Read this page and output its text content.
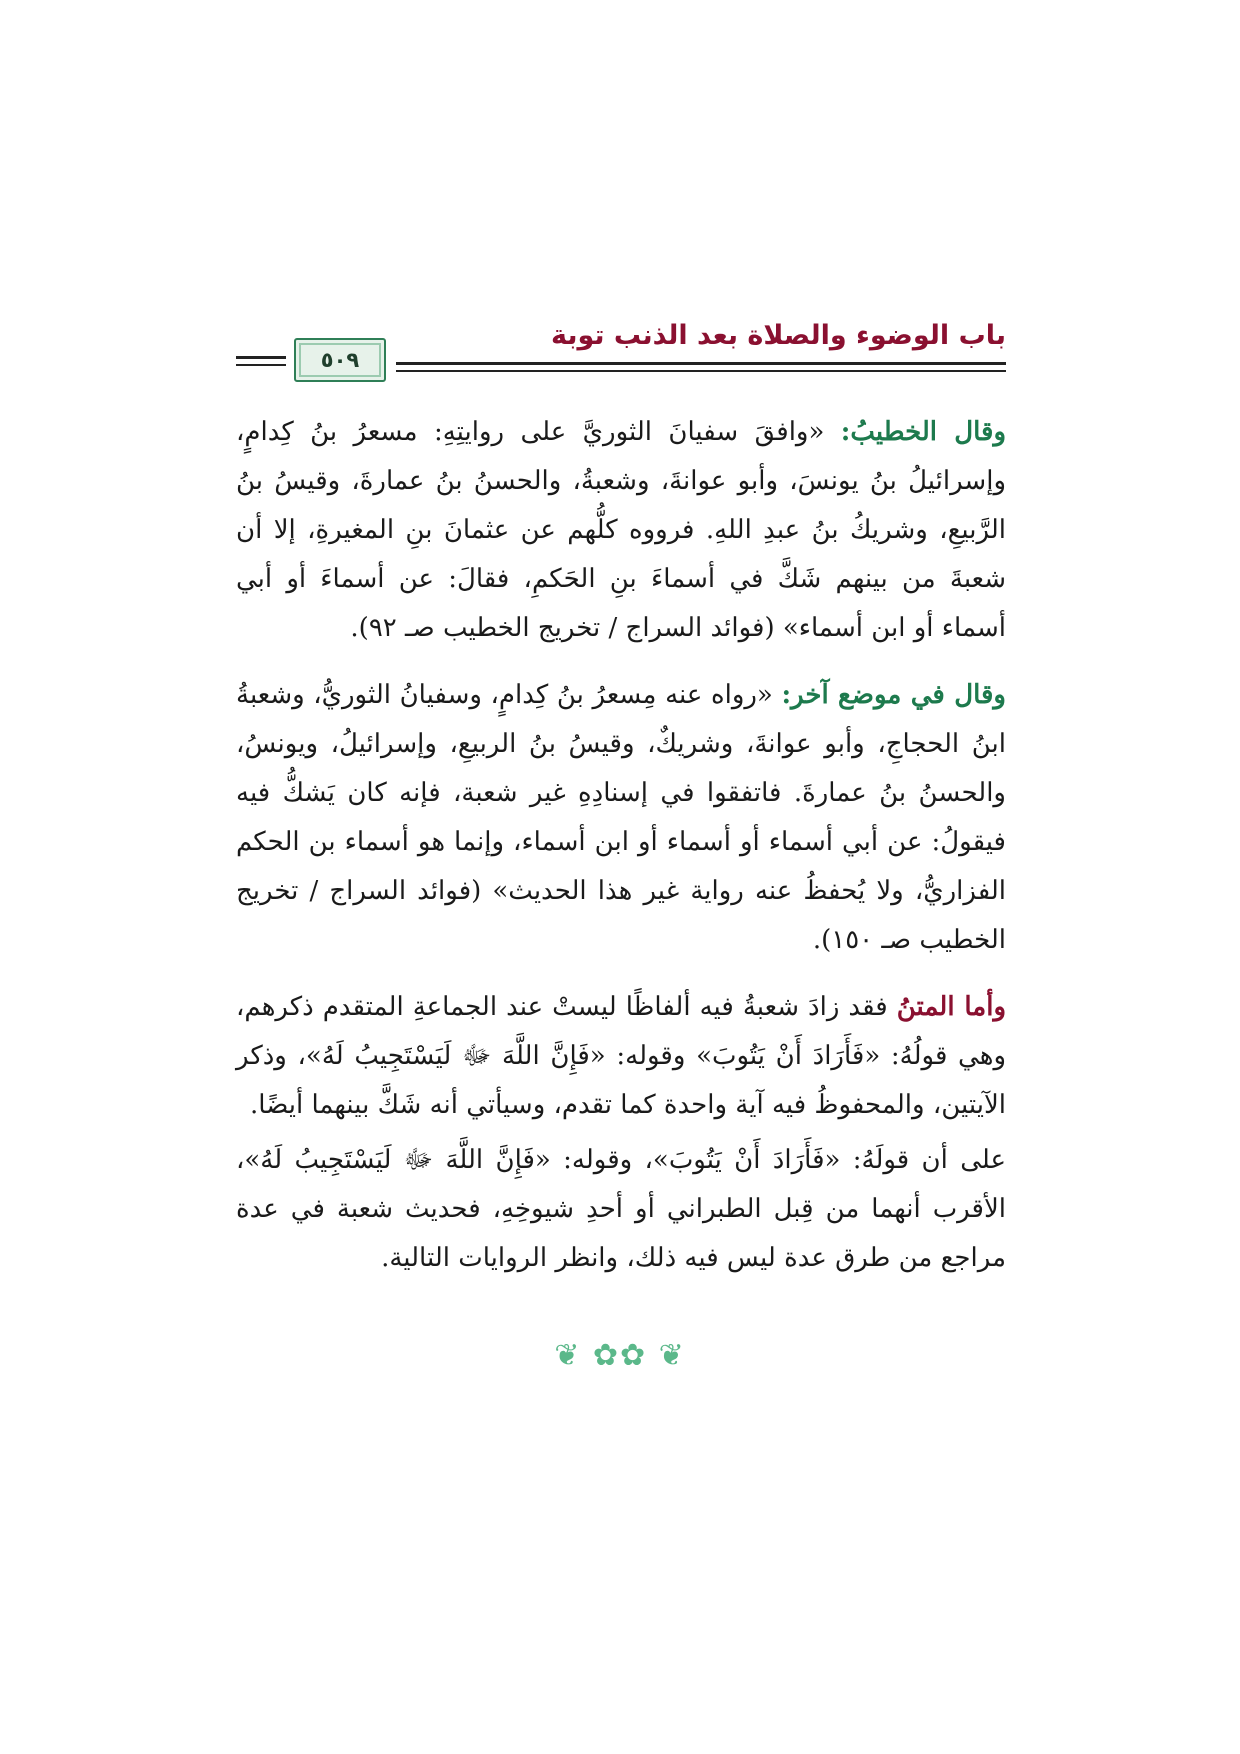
باب الوضوء والصلاة بعد الذنب توبة
٥٠٩

وقال الخطيبُ: «وافقَ سفيانَ الثوريَّ على روايتِهِ: مسعرُ بنُ كِدامٍ، وإسرائيلُ بنُ يونسَ، وأبو عوانةَ، وشعبةُ، والحسنُ بنُ عمارةَ، وقيسُ بنُ الرَّبيعِ، وشريكُ بنُ عبدِ اللهِ. فرووه كلُّهم عن عثمانَ بنِ المغيرةِ، إلا أن شعبةَ من بينهم شَكَّ في أسماءَ بنِ الحَكمِ، فقالَ: عن أسماءَ أو أبي أسماء أو ابن أسماء» (فوائد السراج / تخريج الخطيب صـ ٩٢).

وقال في موضع آخر: «رواه عنه مِسعرُ بنُ كِدامٍ، وسفيانُ الثوريُّ، وشعبةُ ابنُ الحجاجِ، وأبو عوانةَ، وشريكٌ، وقيسُ بنُ الربيعِ، وإسرائيلُ، ويونسُ، والحسنُ بنُ عمارةَ. فاتفقوا في إسنادِهِ غير شعبة، فإنه كان يَشكُّ فيه فيقولُ: عن أبي أسماء أو أسماء أو ابن أسماء، وإنما هو أسماء بن الحكم الفزاريُّ، ولا يُحفظُ عنه رواية غير هذا الحديث» (فوائد السراج / تخريج الخطيب صـ ١٥٠).

وأما المتنُ فقد زادَ شعبةُ فيه ألفاظًا ليستْ عند الجماعةِ المتقدم ذكرهم، وهي قولُهُ: «فَأَرَادَ أَنْ يَتُوبَ» وقوله: «فَإِنَّ اللَّهَ ﷻ لَيَسْتَجِيبُ لَهُ»، وذكر الآيتين، والمحفوظُ فيه آية واحدة كما تقدم، وسيأتي أنه شَكَّ بينهما أيضًا.

على أن قولَهُ: «فَأَرَادَ أَنْ يَتُوبَ»، وقوله: «فَإِنَّ اللَّهَ ﷻ لَيَسْتَجِيبُ لَهُ»، الأقرب أنهما من قِبل الطبراني أو أحدِ شيوخِهِ، فحديث شعبة في عدة مراجع من طرق عدة ليس فيه ذلك، وانظر الروايات التالية.

❦ ✿✿ ❦
